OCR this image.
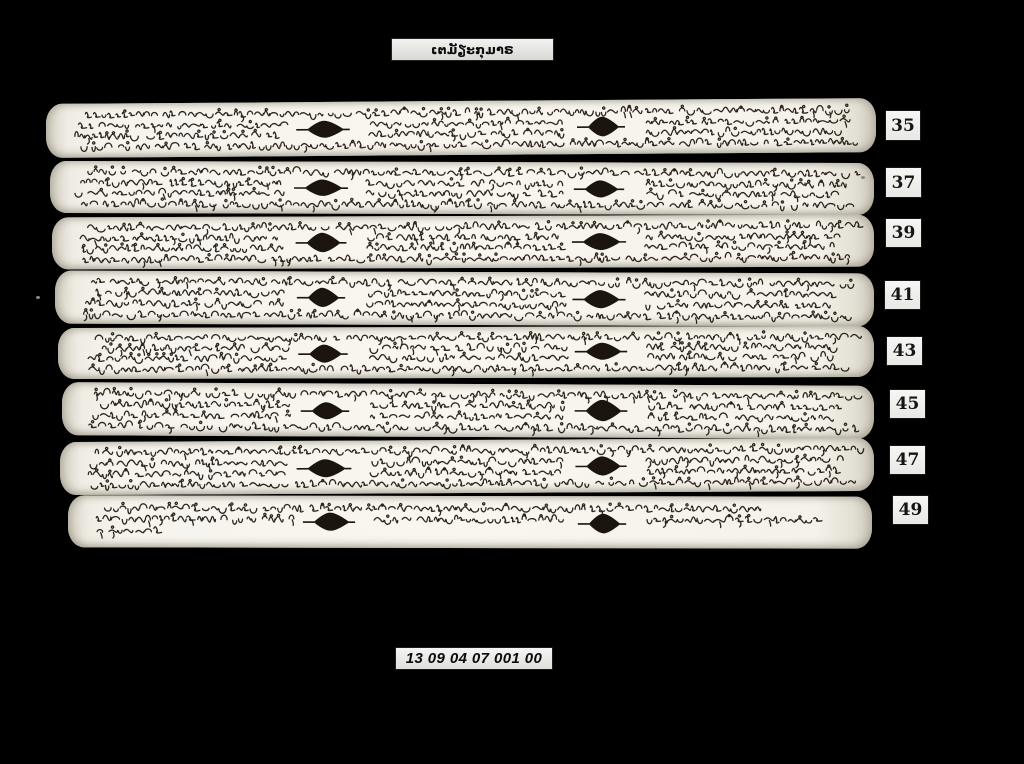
ເຕມັຽະກຸມາຣ
35
37
39
41
43
45
47
49
13 09 04 07 001 00
